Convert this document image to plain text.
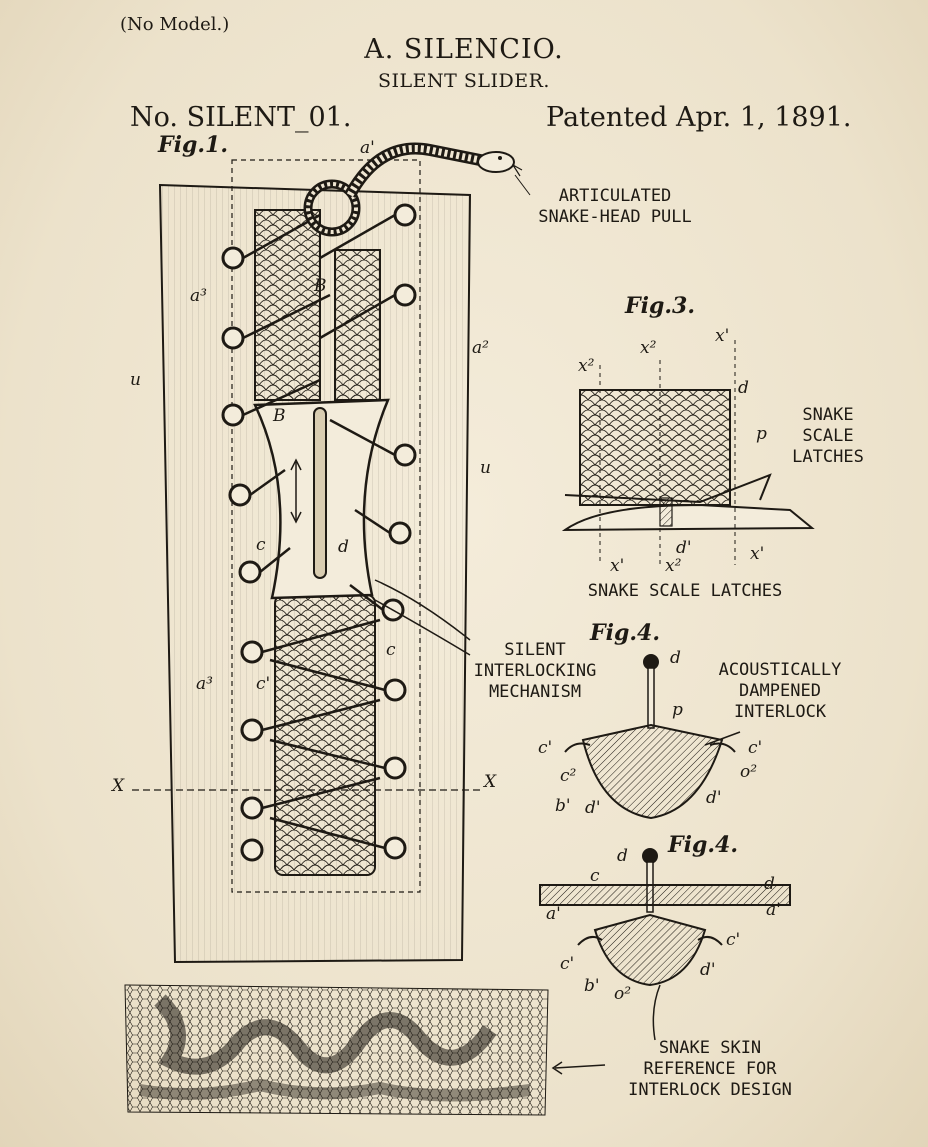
(No Model.)
A. SILENCIO.
SILENT SLIDER.
No. SILENT_01.	Patented Apr. 1, 1891.
Fig.1.
Fig.3.
Fig.4.
Fig.4.
ARTICULATED
SNAKE-HEAD PULL
SNAKE
SCALE
LATCHES
SNAKE SCALE LATCHES
SILENT
INTERLOCKING
MECHANISM
ACOUSTICALLY
DAMPENED
INTERLOCK
SNAKE SKIN
REFERENCE FOR
INTERLOCK DESIGN
a'
a³
a²
u
u
B
B
c	d
c
a³	c'
X	X
x²
x²
x'
d
p
x'
d'
x²
x'
d
p
c'	c'
c²	o²
b' d'	d'
d
c	d
a'	a'
c'
c'	d'
b' o²
